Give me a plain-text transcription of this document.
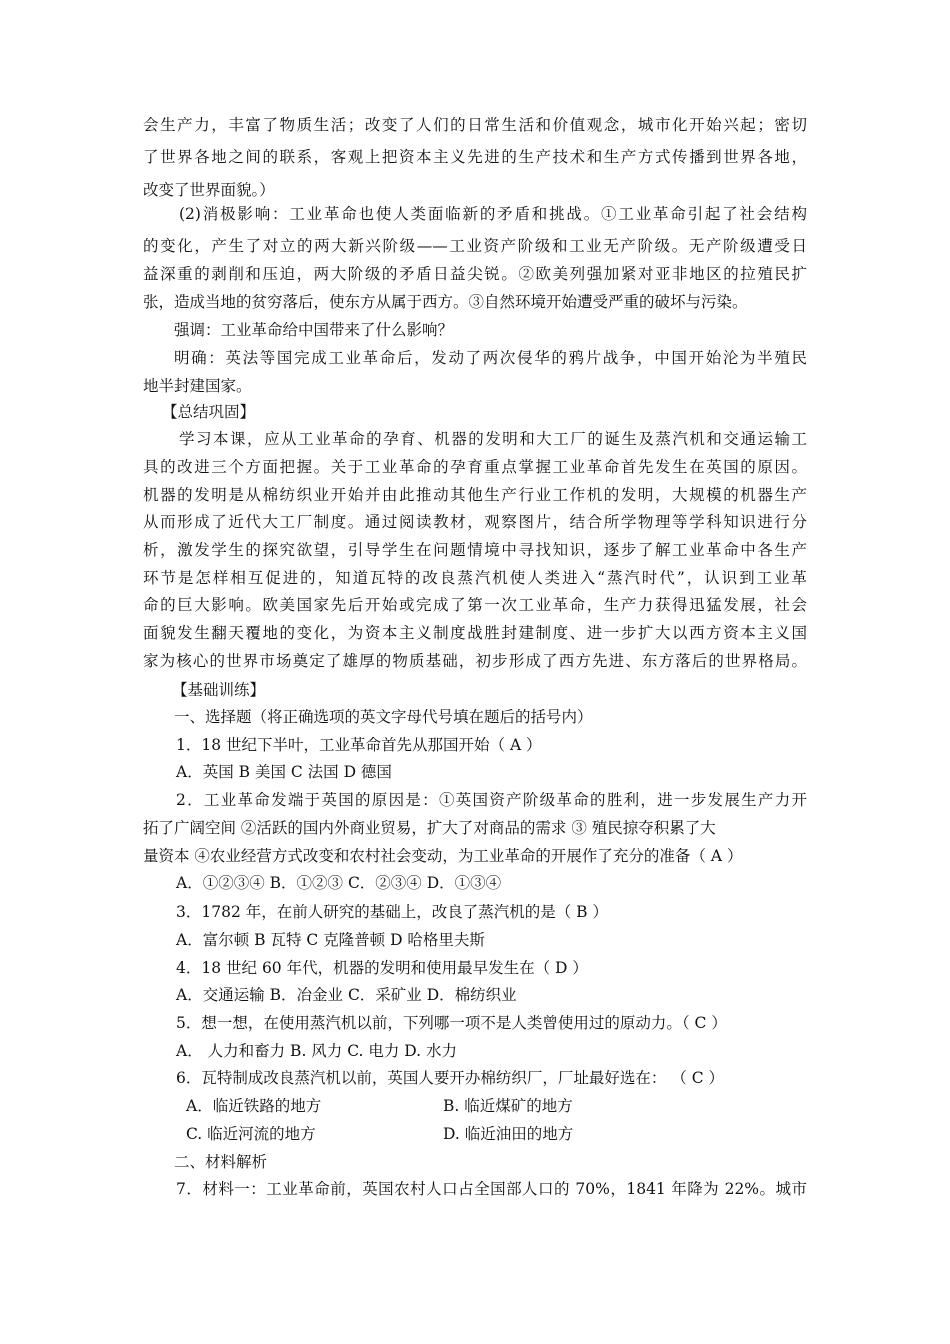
会生产力，丰富了物质生活；改变了人们的日常生活和价值观念，城市化开始兴起；密切
了世界各地之间的联系，客观上把资本主义先进的生产技术和生产方式传播到世界各地，
改变了世界面貌。）
(2)消极影响：工业革命也使人类面临新的矛盾和挑战。①工业革命引起了社会结构
的变化，产生了对立的两大新兴阶级——工业资产阶级和工业无产阶级。无产阶级遭受日
益深重的剥削和压迫，两大阶级的矛盾日益尖锐。②欧美列强加紧对亚非地区的拉殖民扩
张，造成当地的贫穷落后，使东方从属于西方。③自然环境开始遭受严重的破坏与污染。
强调：工业革命给中国带来了什么影响？
明确：英法等国完成工业革命后，发动了两次侵华的鸦片战争，中国开始沦为半殖民
地半封建国家。
【总结巩固】
学习本课，应从工业革命的孕育、机器的发明和大工厂的诞生及蒸汽机和交通运输工
具的改进三个方面把握。关于工业革命的孕育重点掌握工业革命首先发生在英国的原因。
机器的发明是从棉纺织业开始并由此推动其他生产行业工作机的发明，大规模的机器生产
从而形成了近代大工厂制度。通过阅读教材，观察图片，结合所学物理等学科知识进行分
析，激发学生的探究欲望，引导学生在问题情境中寻找知识，逐步了解工业革命中各生产
环节是怎样相互促进的，知道瓦特的改良蒸汽机使人类进入“蒸汽时代”，认识到工业革
命的巨大影响。欧美国家先后开始或完成了第一次工业革命，生产力获得迅猛发展，社会
面貌发生翻天覆地的变化，为资本主义制度战胜封建制度、进一步扩大以西方资本主义国
家为核心的世界市场奠定了雄厚的物质基础，初步形成了西方先进、东方落后的世界格局。
【基础训练】
一、选择题（将正确选项的英文字母代号填在题后的括号内）
1．18 世纪下半叶，工业革命首先从那国开始（ A ）
A．英国 B 美国 C 法国 D 德国
2．工业革命发端于英国的原因是：①英国资产阶级革命的胜利，进一步发展生产力开
拓了广阔空间 ②活跃的国内外商业贸易，扩大了对商品的需求 ③ 殖民掠夺积累了大
量资本 ④农业经营方式改变和农村社会变动，为工业革命的开展作了充分的准备（ A ）
A．①②③④ B．①②③ C．②③④ D．①③④
3．1782 年，在前人研究的基础上，改良了蒸汽机的是（ B ）
A．富尔顿 B 瓦特 C 克隆普顿 D 哈格里夫斯
4．18 世纪 60 年代，机器的发明和使用最早发生在（ D ）
A．交通运输 B．冶金业 C．采矿业 D．棉纺织业
5．想一想，在使用蒸汽机以前，下列哪一项不是人类曾使用过的原动力。（ C ）
A． 人力和畜力 B. 风力 C. 电力 D. 水力
6．瓦特制成改良蒸汽机以前，英国人要开办棉纺织厂，厂址最好选在： （ C ）
A．临近铁路的地方	B. 临近煤矿的地方
C. 临近河流的地方	D. 临近油田的地方
二、材料解析
7．材料一：工业革命前，英国农村人口占全国部人口的 70%，1841 年降为 22%。城市
